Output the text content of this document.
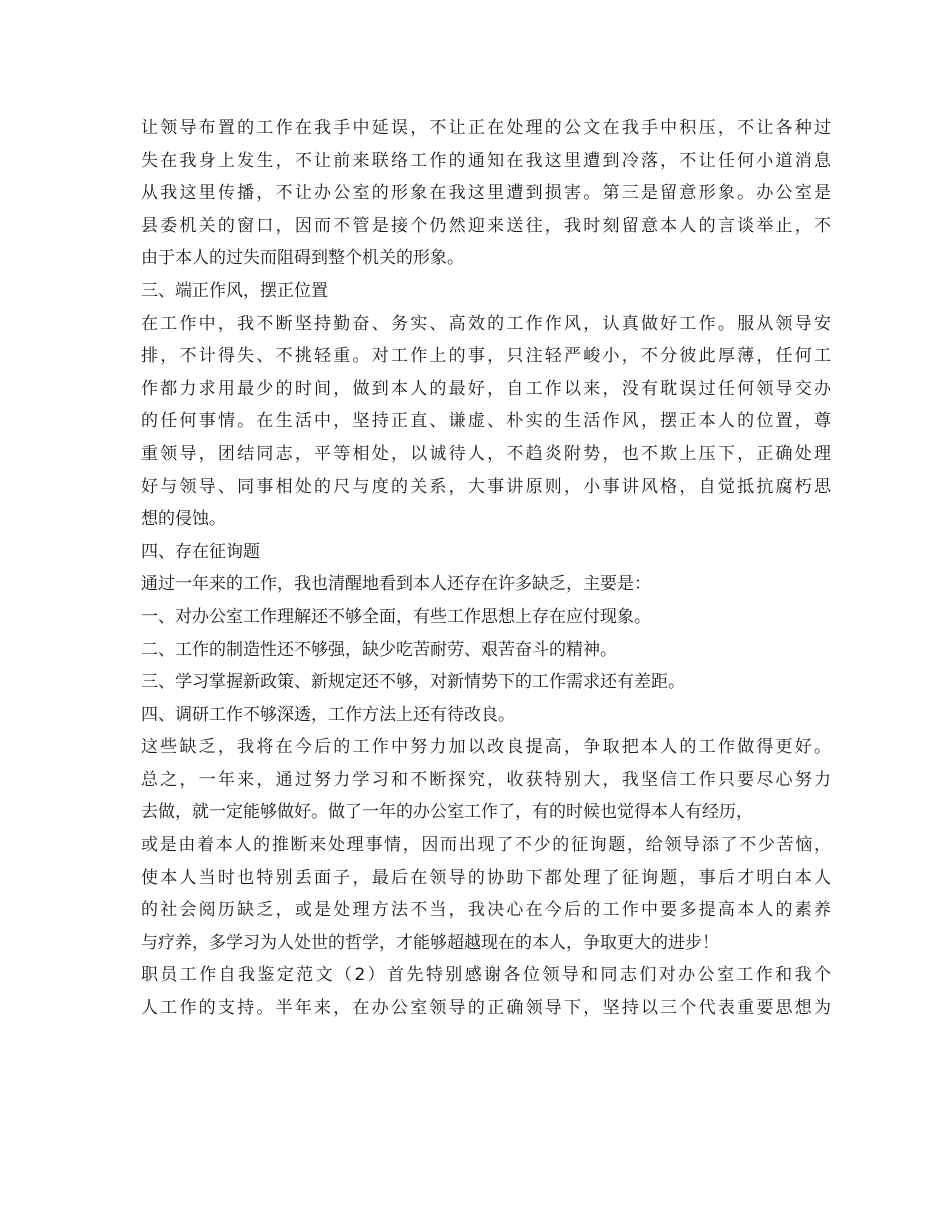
让领导布置的工作在我手中延误，不让正在处理的公文在我手中积压，不让各种过
失在我身上发生，不让前来联络工作的通知在我这里遭到冷落，不让任何小道消息
从我这里传播，不让办公室的形象在我这里遭到损害。第三是留意形象。办公室是
县委机关的窗口，因而不管是接个仍然迎来送往，我时刻留意本人的言谈举止，不
由于本人的过失而阻碍到整个机关的形象。
三、端正作风，摆正位置
在工作中，我不断坚持勤奋、务实、高效的工作作风，认真做好工作。服从领导安
排，不计得失、不挑轻重。对工作上的事，只注轻严峻小，不分彼此厚薄，任何工
作都力求用最少的时间，做到本人的最好，自工作以来，没有耽误过任何领导交办
的任何事情。在生活中，坚持正直、谦虚、朴实的生活作风，摆正本人的位置，尊
重领导，团结同志，平等相处，以诚待人，不趋炎附势，也不欺上压下，正确处理
好与领导、同事相处的尺与度的关系，大事讲原则，小事讲风格，自觉抵抗腐朽思
想的侵蚀。
四、存在征询题
通过一年来的工作，我也清醒地看到本人还存在许多缺乏，主要是：
一、对办公室工作理解还不够全面，有些工作思想上存在应付现象。
二、工作的制造性还不够强，缺少吃苦耐劳、艰苦奋斗的精神。
三、学习掌握新政策、新规定还不够，对新情势下的工作需求还有差距。
四、调研工作不够深透，工作方法上还有待改良。
这些缺乏，我将在今后的工作中努力加以改良提高，争取把本人的工作做得更好。
总之，一年来，通过努力学习和不断探究，收获特别大，我坚信工作只要尽心努力
去做，就一定能够做好。做了一年的办公室工作了，有的时候也觉得本人有经历，
或是由着本人的推断来处理事情，因而出现了不少的征询题，给领导添了不少苦恼，
使本人当时也特别丢面子，最后在领导的协助下都处理了征询题，事后才明白本人
的社会阅历缺乏，或是处理方法不当，我决心在今后的工作中要多提高本人的素养
与疗养，多学习为人处世的哲学，才能够超越现在的本人，争取更大的进步！
职员工作自我鉴定范文（2）首先特别感谢各位领导和同志们对办公室工作和我个
人工作的支持。半年来，在办公室领导的正确领导下，坚持以三个代表重要思想为
